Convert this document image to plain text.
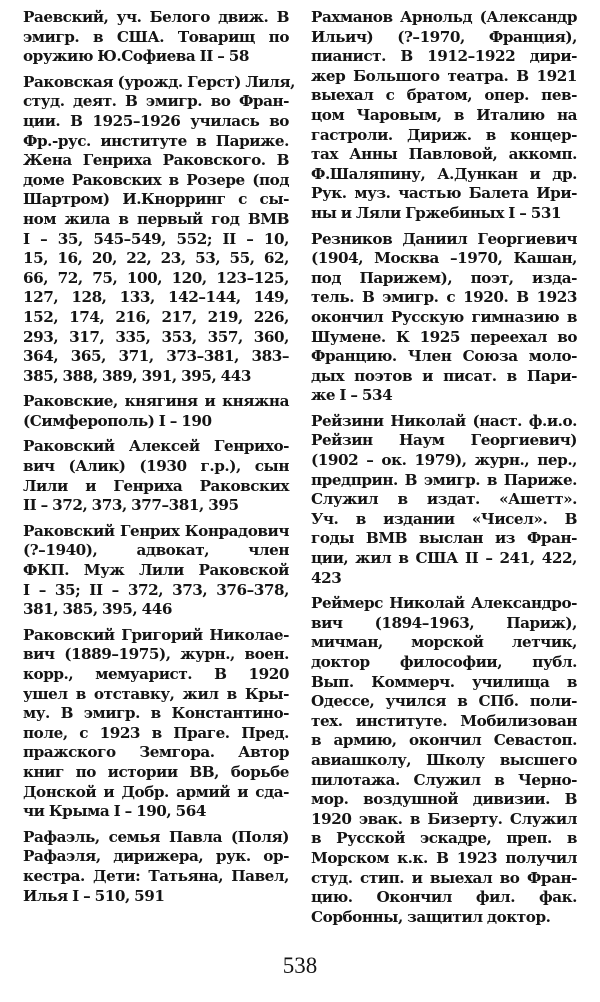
Раевский, уч. Белого движ. В
эмигр. в США. Товарищ по
оружию Ю.Софиева II – 58
Раковская (урожд. Герст) Лиля,
студ. деят. В эмигр. во Фран-
ции. В 1925–1926 училась во
Фр.-рус. институте в Париже.
Жена Генриха Раковского. В
доме Раковских в Розере (под
Шартром) И.Кнорринг с сы-
ном жила в первый год ВМВ
I – 35, 545–549, 552; II – 10,
15, 16, 20, 22, 23, 53, 55, 62,
66, 72, 75, 100, 120, 123–125,
127, 128, 133, 142–144, 149,
152, 174, 216, 217, 219, 226,
293, 317, 335, 353, 357, 360,
364, 365, 371, 373–381, 383–
385, 388, 389, 391, 395, 443
Раковские, княгиня и княжна
(Симферополь) I – 190
Раковский Алексей Генрихо-
вич (Алик) (1930 г.р.), сын
Лили и Генриха Раковских
II – 372, 373, 377–381, 395
Раковский Генрих Конрадович
(?–1940), адвокат, член
ФКП. Муж Лили Раковской
I – 35; II – 372, 373, 376–378,
381, 385, 395, 446
Раковский Григорий Николае-
вич (1889–1975), журн., воен.
корр., мемуарист. В 1920
ушел в отставку, жил в Кры-
му. В эмигр. в Константино-
поле, с 1923 в Праге. Пред.
пражского Земгора. Автор
книг по истории ВВ, борьбе
Донской и Добр. армий и сда-
чи Крыма I – 190, 564
Рафаэль, семья Павла (Поля)
Рафаэля, дирижера, рук. ор-
кестра. Дети: Татьяна, Павел,
Илья I – 510, 591
Рахманов Арнольд (Александр
Ильич) (?–1970, Франция),
пианист. В 1912–1922 дири-
жер Большого театра. В 1921
выехал с братом, опер. пев-
цом Чаровым, в Италию на
гастроли. Дириж. в концер-
тах Анны Павловой, аккомп.
Ф.Шаляпину, А.Дункан и др.
Рук. муз. частью Балета Ири-
ны и Ляли Гржебиных I – 531
Резников Даниил Георгиевич
(1904, Москва –1970, Кашан,
под Парижем), поэт, изда-
тель. В эмигр. с 1920. В 1923
окончил Русскую гимназию в
Шумене. К 1925 переехал во
Францию. Член Союза моло-
дых поэтов и писат. в Пари-
же I – 534
Рейзини Николай (наст. ф.и.о.
Рейзин Наум Георгиевич)
(1902 – ок. 1979), журн., пер.,
предприн. В эмигр. в Париже.
Служил в издат. «Ашетт».
Уч. в издании «Чисел». В
годы ВМВ выслан из Фран-
ции, жил в США II – 241, 422,
423
Реймерс Николай Александро-
вич (1894–1963, Париж),
мичман, морской летчик,
доктор философии, публ.
Вып. Коммерч. училища в
Одессе, учился в СПб. поли-
тех. институте. Мобилизован
в армию, окончил Севастоп.
авиашколу, Школу высшего
пилотажа. Служил в Черно-
мор. воздушной дивизии. В
1920 эвак. в Бизерту. Служил
в Русской эскадре, преп. в
Морском к.к. В 1923 получил
студ. стип. и выехал во Фран-
цию. Окончил фил. фак.
Сорбонны, защитил доктор.
538
